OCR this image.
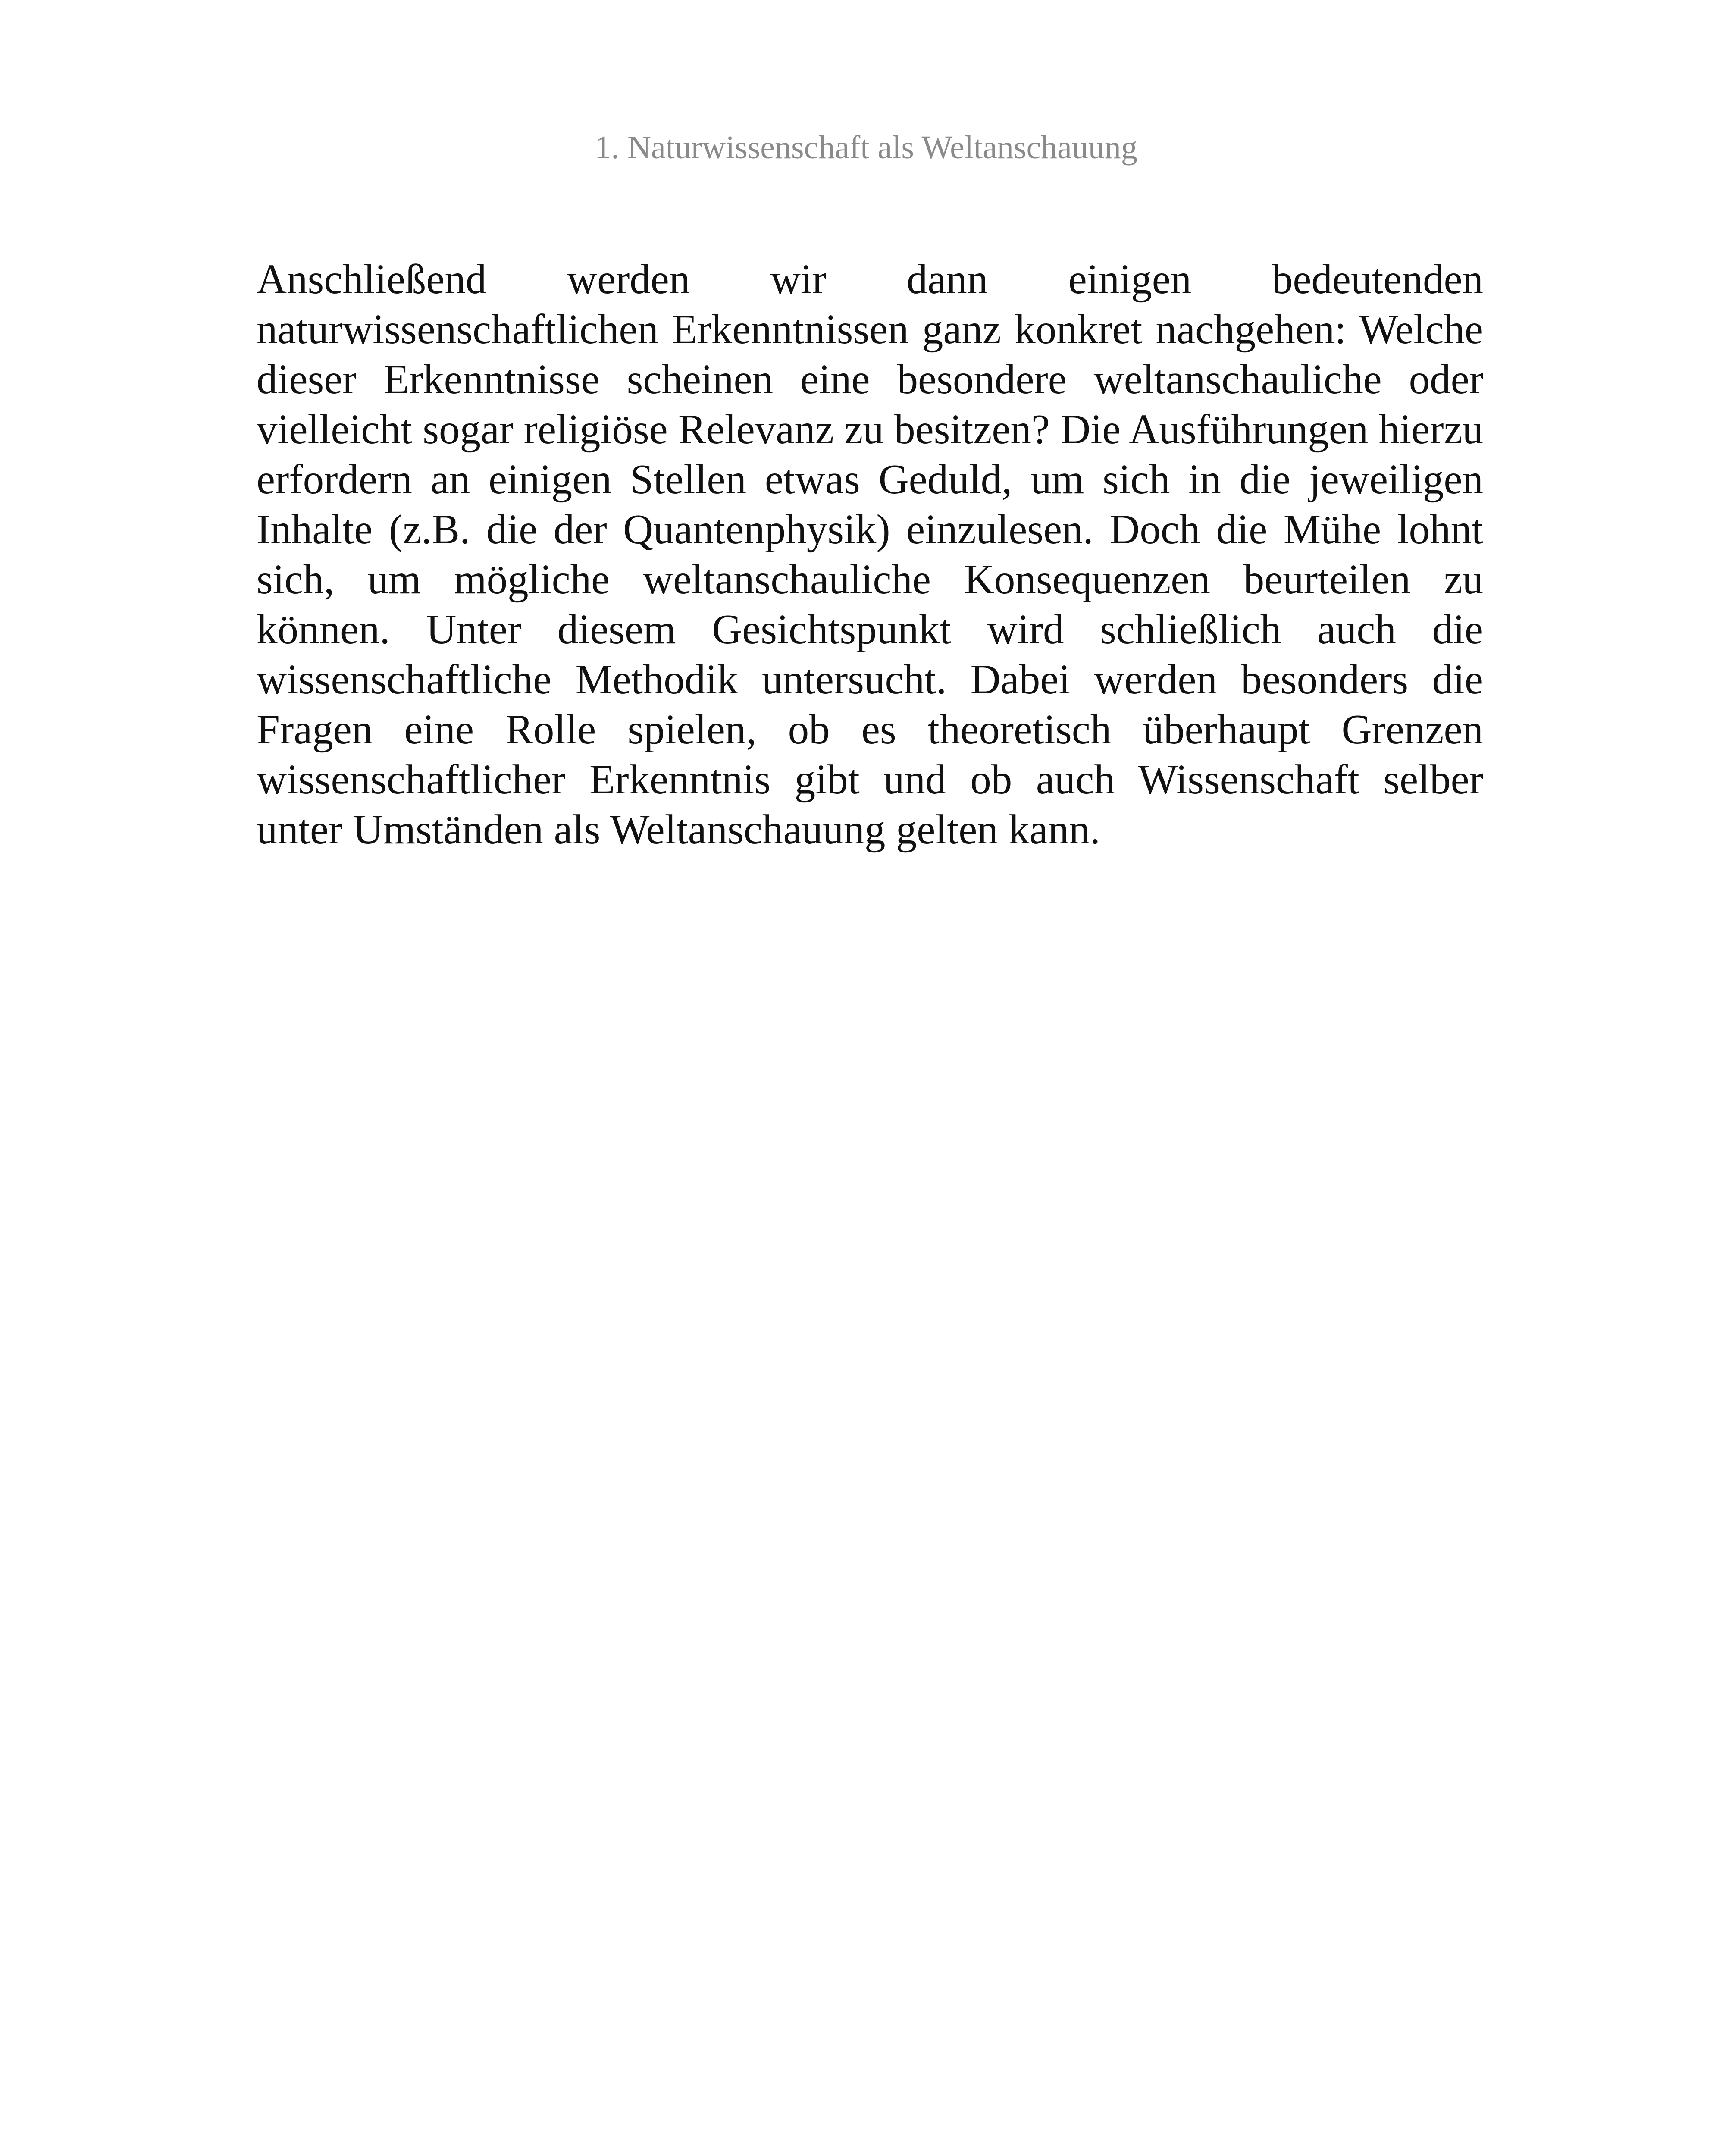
1. Naturwissenschaft als Weltanschauung

Anschließend werden wir dann einigen bedeutenden naturwissenschaftlichen Erkenntnissen ganz konkret nachgehen: Welche dieser Erkenntnisse scheinen eine besondere weltanschauliche oder vielleicht sogar religiöse Relevanz zu besitzen? Die Ausführungen hierzu erfordern an einigen Stellen etwas Geduld, um sich in die jeweiligen Inhalte (z.B. die der Quantenphysik) einzulesen. Doch die Mühe lohnt sich, um mögliche weltanschauliche Konsequenzen beurteilen zu können. Unter diesem Gesichtspunkt wird schließlich auch die wissenschaftliche Methodik untersucht. Dabei werden besonders die Fragen eine Rolle spielen, ob es theoretisch überhaupt Grenzen wissenschaftlicher Erkenntnis gibt und ob auch Wissenschaft selber unter Umständen als Weltanschauung gelten kann.
